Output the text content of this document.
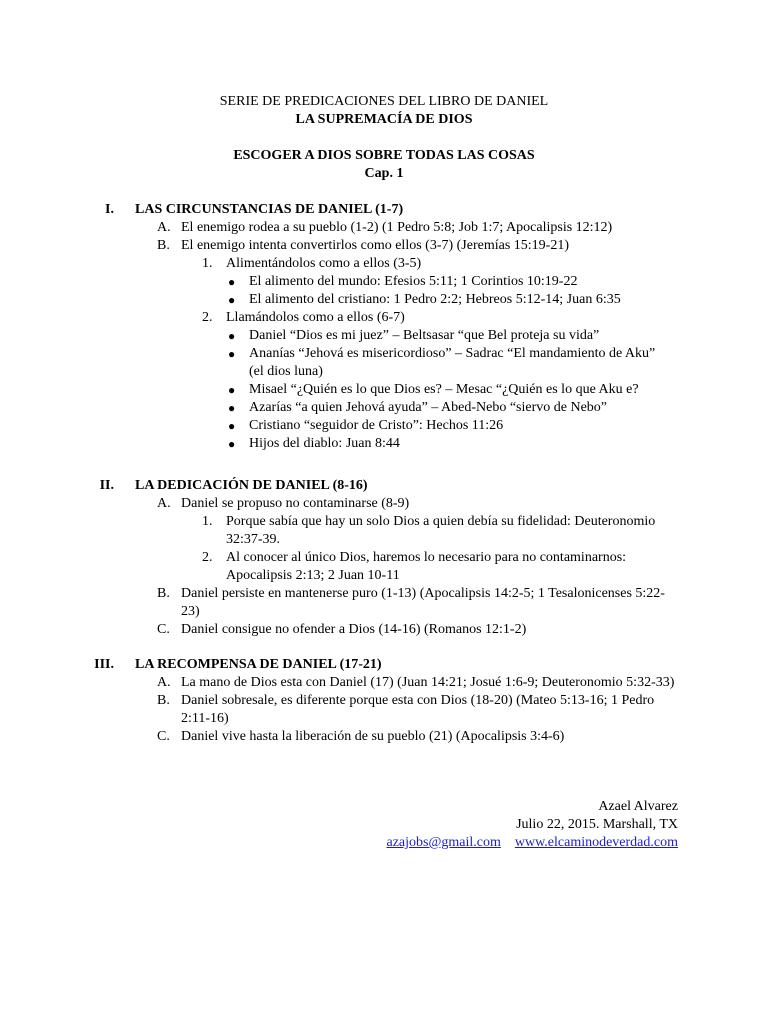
SERIE DE PREDICACIONES DEL LIBRO DE DANIEL
LA SUPREMACÍA DE DIOS
ESCOGER A DIOS SOBRE TODAS LAS COSAS
Cap. 1
I. LAS CIRCUNSTANCIAS DE DANIEL (1-7)
A. El enemigo rodea a su pueblo (1-2) (1 Pedro 5:8; Job 1:7; Apocalipsis 12:12)
B. El enemigo intenta convertirlos como ellos (3-7) (Jeremías 15:19-21)
1. Alimentándolos como a ellos (3-5)
● El alimento del mundo: Efesios 5:11; 1 Corintios 10:19-22
● El alimento del cristiano: 1 Pedro 2:2; Hebreos 5:12-14; Juan 6:35
2. Llamándolos como a ellos (6-7)
● Daniel “Dios es mi juez” – Beltsasar “que Bel proteja su vida”
● Ananías “Jehová es misericordioso” – Sadrac “El mandamiento de Aku” (el dios luna)
● Misael “¿Quién es lo que Dios es? – Mesac “¿Quién es lo que Aku e?
● Azarías “a quien Jehová ayuda” – Abed-Nebo “siervo de Nebo”
● Cristiano “seguidor de Cristo”: Hechos 11:26
● Hijos del diablo: Juan 8:44
II. LA DEDICACIÓN DE DANIEL (8-16)
A. Daniel se propuso no contaminarse (8-9)
1. Porque sabía que hay un solo Dios a quien debía su fidelidad: Deuteronomio 32:37-39.
2. Al conocer al único Dios, haremos lo necesario para no contaminarnos: Apocalipsis 2:13; 2 Juan 10-11
B. Daniel persiste en mantenerse puro (1-13) (Apocalipsis 14:2-5; 1 Tesalonicenses 5:22-23)
C. Daniel consigue no ofender a Dios (14-16) (Romanos 12:1-2)
III. LA RECOMPENSA DE DANIEL (17-21)
A. La mano de Dios esta con Daniel (17) (Juan 14:21; Josué 1:6-9; Deuteronomio 5:32-33)
B. Daniel sobresale, es diferente porque esta con Dios (18-20) (Mateo 5:13-16; 1 Pedro 2:11-16)
C. Daniel vive hasta la liberación de su pueblo (21) (Apocalipsis 3:4-6)
Azael Alvarez
Julio 22, 2015. Marshall, TX
azajobs@gmail.com www.elcaminodeverdad.com
